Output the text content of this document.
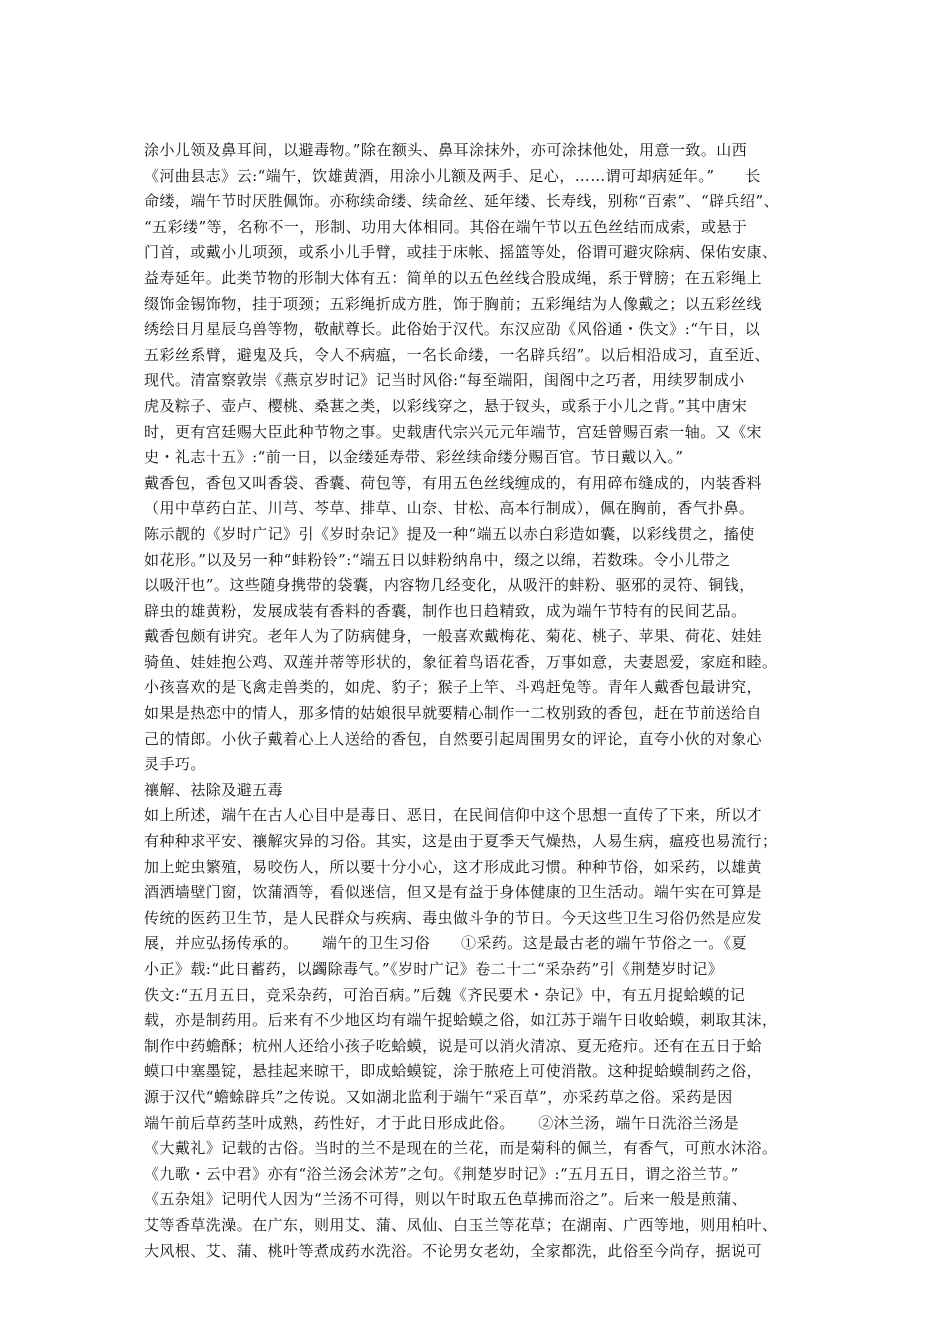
涂小儿领及鼻耳间，以避毒物。”除在额头、鼻耳涂抹外，亦可涂抹他处，用意一致。山西
《河曲县志》云:“端午，饮雄黄酒，用涂小儿额及两手、足心，……谓可却病延年。”　　长
命缕，端午节时厌胜佩饰。亦称续命缕、续命丝、延年缕、长寿线，别称“百索”、“辟兵绍”、
“五彩缕”等，名称不一，形制、功用大体相同。其俗在端午节以五色丝结而成索，或悬于
门首，或戴小儿项颈，或系小儿手臂，或挂于床帐、摇篮等处，俗谓可避灾除病、保佑安康、
益寿延年。此类节物的形制大体有五：简单的以五色丝线合股成绳，系于臂膀；在五彩绳上
缀饰金锡饰物，挂于项颈；五彩绳折成方胜，饰于胸前；五彩绳结为人像戴之；以五彩丝线
绣绘日月星辰乌兽等物，敬献尊长。此俗始于汉代。东汉应劭《风俗通・佚文》:“午日，以
五彩丝系臂，避鬼及兵，令人不病瘟，一名长命缕，一名辟兵绍”。以后相沿成习，直至近、
现代。清富察敦崇《燕京岁时记》记当时风俗:“每至端阳，闺阁中之巧者，用续罗制成小
虎及粽子、壶卢、樱桃、桑葚之类，以彩线穿之，悬于钗头，或系于小儿之背。”其中唐宋
时，更有宫廷赐大臣此种节物之事。史载唐代宗兴元元年端节，宫廷曾赐百索一轴。又《宋
史・礼志十五》:“前一日，以金缕延寿带、彩丝续命缕分赐百官。节日戴以入。”
戴香包，香包又叫香袋、香囊、荷包等，有用五色丝线缠成的，有用碎布缝成的，内装香料
（用中草药白芷、川芎、芩草、排草、山奈、甘松、高本行制成），佩在胸前，香气扑鼻。
陈示靓的《岁时广记》引《岁时杂记》提及一种“端五以赤白彩造如囊，以彩线贯之，搐使
如花形。”以及另一种“蚌粉铃”:“端五日以蚌粉纳帛中，缀之以绵，若数珠。令小儿带之
以吸汗也”。这些随身携带的袋囊，内容物几经变化，从吸汗的蚌粉、驱邪的灵符、铜钱，
辟虫的雄黄粉，发展成装有香料的香囊，制作也日趋精致，成为端午节特有的民间艺品。
戴香包颇有讲究。老年人为了防病健身，一般喜欢戴梅花、菊花、桃子、苹果、荷花、娃娃
骑鱼、娃娃抱公鸡、双莲并蒂等形状的，象征着鸟语花香，万事如意，夫妻恩爱，家庭和睦。
小孩喜欢的是飞禽走兽类的，如虎、豹子；猴子上竿、斗鸡赶兔等。青年人戴香包最讲究，
如果是热恋中的情人，那多情的姑娘很早就要精心制作一二枚别致的香包，赶在节前送给自
己的情郎。小伙子戴着心上人送给的香包，自然要引起周围男女的评论，直夸小伙的对象心
灵手巧。
禳解、祛除及避五毒
如上所述，端午在古人心目中是毒日、恶日，在民间信仰中这个思想一直传了下来，所以才
有种种求平安、禳解灾异的习俗。其实，这是由于夏季天气燥热，人易生病，瘟疫也易流行；
加上蛇虫繁殖，易咬伤人，所以要十分小心，这才形成此习惯。种种节俗，如采药，以雄黄
酒洒墙壁门窗，饮蒲酒等，看似迷信，但又是有益于身体健康的卫生活动。端午实在可算是
传统的医药卫生节，是人民群众与疾病、毒虫做斗争的节日。今天这些卫生习俗仍然是应发
展，并应弘扬传承的。　　端午的卫生习俗　　①采药。这是最古老的端午节俗之一。《夏
小正》载:“此日蓄药，以蠲除毒气。”《岁时广记》卷二十二“采杂药”引《荆楚岁时记》
佚文:“五月五日，竞采杂药，可治百病。”后魏《齐民要术・杂记》中，有五月捉蛤蟆的记
载，亦是制药用。后来有不少地区均有端午捉蛤蟆之俗，如江苏于端午日收蛤蟆，刺取其沫，
制作中药蟾酥；杭州人还给小孩子吃蛤蟆，说是可以消火清凉、夏无疮疖。还有在五日于蛤
蟆口中塞墨锭，悬挂起来晾干，即成蛤蟆锭，涂于脓疮上可使消散。这种捉蛤蟆制药之俗，
源于汉代“蟾蜍辟兵”之传说。又如湖北监利于端午“采百草”，亦采药草之俗。采药是因
端午前后草药茎叶成熟，药性好，才于此日形成此俗。　　②沐兰汤，端午日洗浴兰汤是
《大戴礼》记载的古俗。当时的兰不是现在的兰花，而是菊科的佩兰，有香气，可煎水沐浴。
《九歌・云中君》亦有“浴兰汤会沭芳”之句。《荆楚岁时记》:“五月五日，谓之浴兰节。”
《五杂俎》记明代人因为“兰汤不可得，则以午时取五色草拂而浴之”。后来一般是煎蒲、
艾等香草洗澡。在广东，则用艾、蒲、凤仙、白玉兰等花草；在湖南、广西等地，则用柏叶、
大风根、艾、蒲、桃叶等煮成药水洗浴。不论男女老幼，全家都洗，此俗至今尚存，据说可
